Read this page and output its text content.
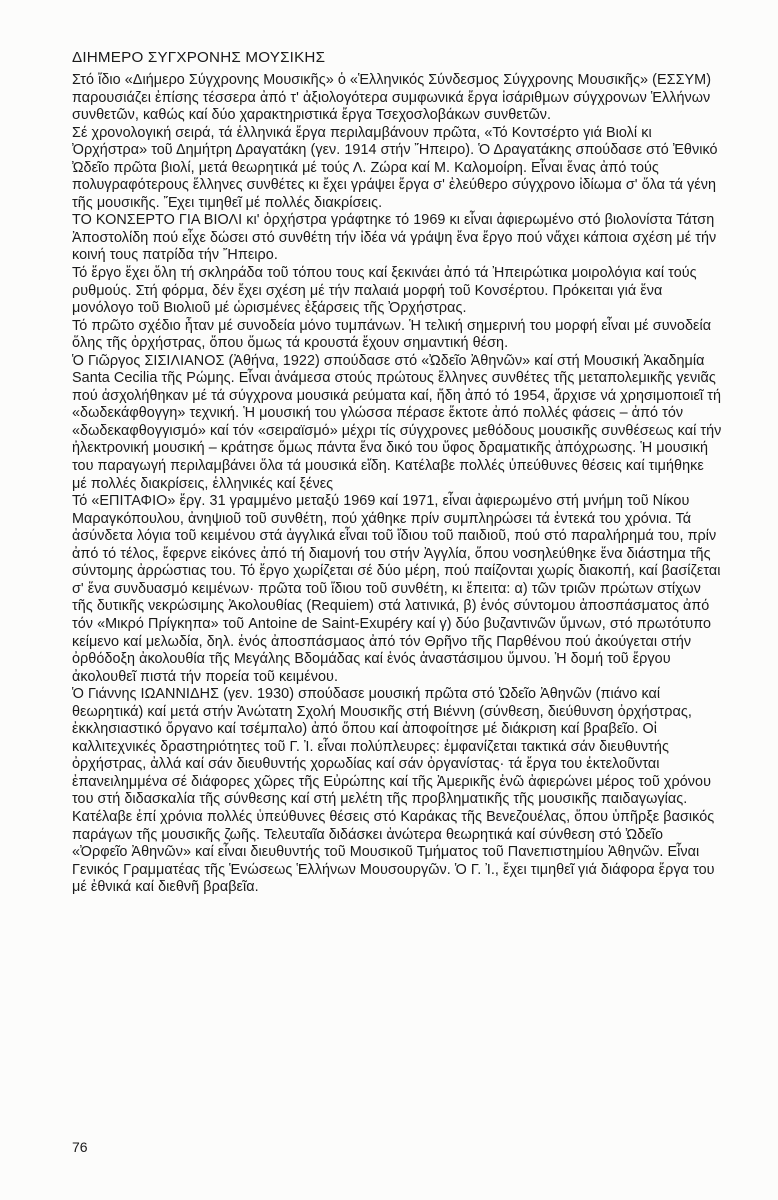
ΔΙΗΜΕΡΟ ΣΥΓΧΡΟΝΗΣ ΜΟΥΣΙΚΗΣ

Στό ἴδιο «Διήμερο Σύγχρονης Μουσικῆς» ὁ «Ἑλληνικός Σύνδεσμος Σύγχρονης Μουσικῆς» (ΕΣΣΥΜ) παρουσιάζει ἐπίσης τέσσερα ἀπό τ' ἀξιολογότερα συμφωνικά ἔργα ἰσάριθμων σύγχρονων Ἑλλήνων συνθετῶν, καθώς καί δύο χαρακτηριστικά ἔργα Τσεχοσλοβάκων συνθετῶν.

Σέ χρονολογική σειρά, τά ἑλληνικά ἔργα περιλαμβάνουν πρῶτα, «Τό Κοντσέρτο γιά Βιολί κι Ὀρχήστρα» τοῦ Δημήτρη Δραγατάκη (γεν. 1914 στήν Ἤπειρο). Ὁ Δραγατάκης σπούδασε στό Ἐθνικό Ὠδεῖο πρῶτα βιολί, μετά θεωρητικά μέ τούς Λ. Ζώρα καί Μ. Καλομοίρη. Εἶναι ἕνας ἀπό τούς πολυγραφότερους ἕλληνες συνθέτες κι ἔχει γράψει ἔργα σ' ἐλεύθερο σύγχρονο ἰδίωμα σ' ὅλα τά γένη τῆς μουσικῆς. Ἔχει τιμηθεῖ μέ πολλές διακρίσεις.

ΤΟ ΚΟΝΣΕΡΤΟ ΓΙΑ ΒΙΟΛΙ κι' ὀρχήστρα γράφτηκε τό 1969 κι εἶναι ἀφιερωμένο στό βιολονίστα Τάτση Ἀποστολίδη πού εἶχε δώσει στό συνθέτη τήν ἰδέα νά γράψη ἕνα ἔργο πού νἄχει κάποια σχέση μέ τήν κοινή τους πατρίδα τήν Ἤπειρο.

Τό ἔργο ἔχει ὅλη τή σκληράδα τοῦ τόπου τους καί ξεκινάει ἀπό τά Ἠπειρώτικα μοιρολόγια καί τούς ρυθμούς. Στή φόρμα, δέν ἔχει σχέση μέ τήν παλαιά μορφή τοῦ Κονσέρτου. Πρόκειται γιά ἕνα μονόλογο τοῦ Βιολιοῦ μέ ὡρισμένες ἐξάρσεις τῆς Ὀρχήστρας.

Τό πρῶτο σχέδιο ἦταν μέ συνοδεία μόνο τυμπάνων. Ἡ τελική σημερινή του μορφή εἶναι μέ συνοδεία ὅλης τῆς ὀρχήστρας, ὅπου ὅμως τά κρουστά ἔχουν σημαντική θέση.

Ὁ Γιῶργος ΣΙΣΙΛΙΑΝΟΣ (Ἀθήνα, 1922) σπούδασε στό «Ὠδεῖο Ἀθηνῶν» καί στή Μουσική Ἀκαδημία Santa Cecilia τῆς Ρώμης. Εἶναι ἀνάμεσα στούς πρώτους ἕλληνες συνθέτες τῆς μεταπολεμικῆς γενιᾶς πού ἀσχολήθηκαν μέ τά σύγχρονα μουσικά ρεύματα καί, ἤδη ἀπό τό 1954, ἄρχισε νά χρησιμοποιεῖ τή «δωδεκάφθογγη» τεχνική. Ἡ μουσική του γλώσσα πέρασε ἕκτοτε ἀπό πολλές φάσεις – ἀπό τόν «δωδεκαφθογγισμό» καί τόν «σειραϊσμό» μέχρι τίς σύγχρονες μεθόδους μουσικῆς συνθέσεως καί τήν ἠλεκτρονική μουσική – κράτησε ὅμως πάντα ἕνα δικό του ὕφος δραματικῆς ἀπόχρωσης. Ἡ μουσική του παραγωγή περιλαμβάνει ὅλα τά μουσικά εἴδη. Κατέλαβε πολλές ὑπεύθυνες θέσεις καί τιμήθηκε μέ πολλές διακρίσεις, ἑλληνικές καί ξένες

Τό «ΕΠΙΤΑΦΙΟ» ἔργ. 31 γραμμένο μεταξύ 1969 καί 1971, εἶναι ἀφιερωμένο στή μνήμη τοῦ Νίκου Μαραγκόπουλου, ἀνηψιοῦ τοῦ συνθέτη, πού χάθηκε πρίν συμπληρώσει τά ἐντεκά του χρόνια. Τά ἀσύνδετα λόγια τοῦ κειμένου στά ἀγγλικά εἶναι τοῦ ἴδιου τοῦ παιδιοῦ, πού στό παραλήρημά του, πρίν ἀπό τό τέλος, ἔφερνε εἰκόνες ἀπό τή διαμονή του στήν Ἀγγλία, ὅπου νοσηλεύθηκε ἕνα διάστημα τῆς σύντομης ἀρρώστιας του. Τό ἔργο χωρίζεται σέ δύο μέρη, πού παίζονται χωρίς διακοπή, καί βασίζεται σ' ἕνα συνδυασμό κειμένων· πρῶτα τοῦ ἴδιου τοῦ συνθέτη, κι ἔπειτα: α) τῶν τριῶν πρώτων στίχων τῆς δυτικῆς νεκρώσιμης Ἀκολουθίας (Requiem) στά λατινικά, β) ἑνός σύντομου ἀποσπάσματος ἀπό τόν «Μικρό Πρίγκηπα» τοῦ Antoine de Saint-Exupéry καί γ) δύο βυζαντινῶν ὕμνων, στό πρωτότυπο κείμενο καί μελωδία, δηλ. ἑνός ἀποσπάσμαος ἀπό τόν Θρῆνο τῆς Παρθένου πού ἀκούγεται στήν ὀρθόδοξη ἀκολουθία τῆς Μεγάλης Βδομάδας καί ἑνός ἀναστάσιμου ὕμνου. Ἡ δομή τοῦ ἔργου ἀκολουθεῖ πιστά τήν πορεία τοῦ κειμένου.

Ὁ Γιάννης ΙΩΑΝΝΙΔΗΣ (γεν. 1930) σπούδασε μουσική πρῶτα στό Ὠδεῖο Ἀθηνῶν (πιάνο καί θεωρητικά) καί μετά στήν Ἀνώτατη Σχολή Μουσικῆς στή Βιέννη (σύνθεση, διεύθυνση ὀρχήστρας, ἐκκλησιαστικό ὄργανο καί τσέμπαλο) ἀπό ὅπου καί ἀποφοίτησε μέ διάκριση καί βραβεῖο. Οἱ καλλιτεχνικές δραστηριότητες τοῦ Γ. Ἰ. εἶναι πολύπλευρες: ἐμφανίζεται τακτικά σάν διευθυντής ὀρχήστρας, ἀλλά καί σάν διευθυντής χορωδίας καί σάν ὀργανίστας· τά ἔργα του ἐκτελοῦνται ἐπανειλημμένα σέ διάφορες χῶρες τῆς Εὐρώπης καί τῆς Ἀμερικῆς ἐνῶ ἀφιερώνει μέρος τοῦ χρόνου του στή διδασκαλία τῆς σύνθεσης καί στή μελέτη τῆς προβληματικῆς τῆς μουσικῆς παιδαγωγίας. Κατέλαβε ἐπί χρόνια πολλές ὑπεύθυνες θέσεις στό Καράκας τῆς Βενεζουέλας, ὅπου ὑπῆρξε βασικός παράγων τῆς μουσικῆς ζωῆς. Τελευταῖα διδάσκει ἀνώτερα θεωρητικά καί σύνθεση στό Ὠδεῖο «Ὀρφεῖο Ἀθηνῶν» καί εἶναι διευθυντής τοῦ Μουσικοῦ Τμήματος τοῦ Πανεπιστημίου Ἀθηνῶν. Εἶναι Γενικός Γραμματέας τῆς Ἑνώσεως Ἑλλήνων Μουσουργῶν. Ὁ Γ. Ἰ., ἔχει τιμηθεῖ γιά διάφορα ἔργα του μέ ἐθνικά καί διεθνῆ βραβεῖα.

76
